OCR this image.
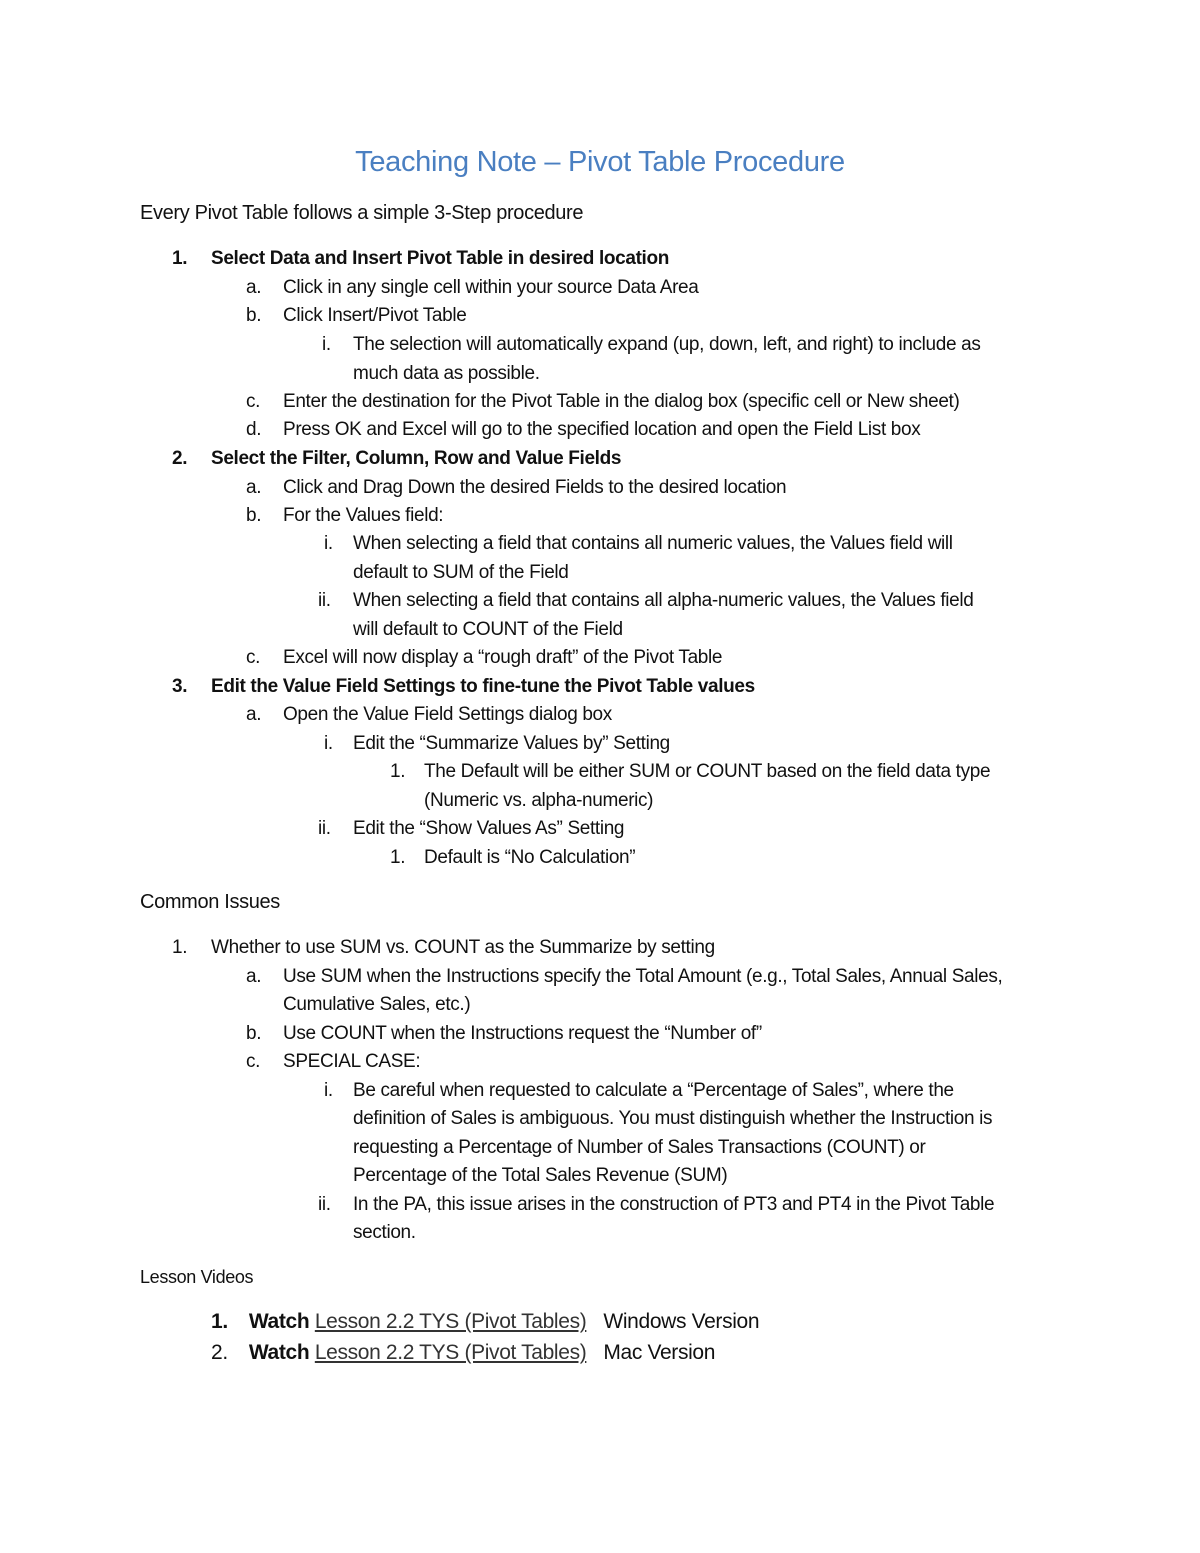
Teaching Note – Pivot Table Procedure
Every Pivot Table follows a simple 3-Step procedure
1. Select Data and Insert Pivot Table in desired location
a. Click in any single cell within your source Data Area
b. Click Insert/Pivot Table
i. The selection will automatically expand (up, down, left, and right) to include as
much data as possible.
c. Enter the destination for the Pivot Table in the dialog box (specific cell or New sheet)
d. Press OK and Excel will go to the specified location and open the Field List box
2. Select the Filter, Column, Row and Value Fields
a. Click and Drag Down the desired Fields to the desired location
b. For the Values field:
i. When selecting a field that contains all numeric values, the Values field will
default to SUM of the Field
ii. When selecting a field that contains all alpha-numeric values, the Values field
will default to COUNT of the Field
c. Excel will now display a “rough draft” of the Pivot Table
3. Edit the Value Field Settings to fine-tune the Pivot Table values
a. Open the Value Field Settings dialog box
i. Edit the “Summarize Values by” Setting
1. The Default will be either SUM or COUNT based on the field data type
(Numeric vs. alpha-numeric)
ii. Edit the “Show Values As” Setting
1. Default is “No Calculation”
Common Issues
1. Whether to use SUM vs. COUNT as the Summarize by setting
a. Use SUM when the Instructions specify the Total Amount (e.g., Total Sales, Annual Sales,
Cumulative Sales, etc.)
b. Use COUNT when the Instructions request the “Number of”
c. SPECIAL CASE:
i. Be careful when requested to calculate a “Percentage of Sales”, where the
definition of Sales is ambiguous. You must distinguish whether the Instruction is
requesting a Percentage of Number of Sales Transactions (COUNT) or
Percentage of the Total Sales Revenue (SUM)
ii. In the PA, this issue arises in the construction of PT3 and PT4 in the Pivot Table
section.
Lesson Videos
1. Watch Lesson 2.2 TYS (Pivot Tables) Windows Version
2. Watch Lesson 2.2 TYS (Pivot Tables) Mac Version
